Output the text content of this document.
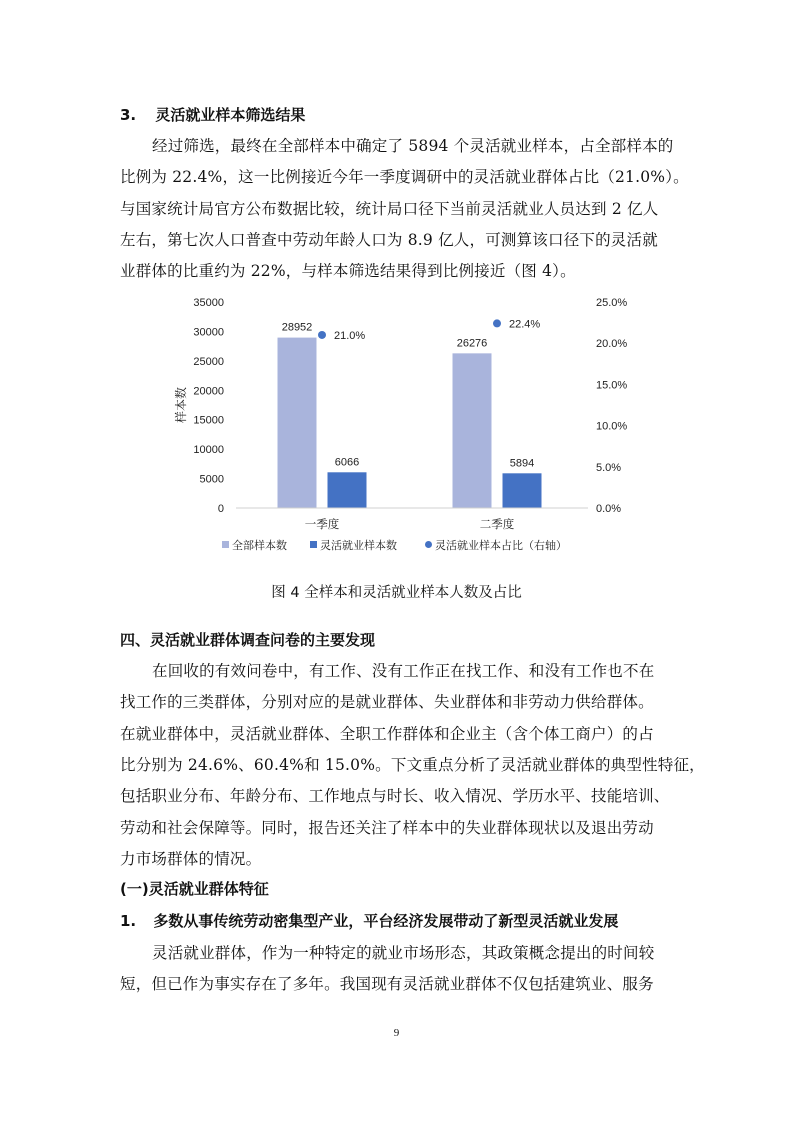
3. 灵活就业样本筛选结果
经过筛选，最终在全部样本中确定了 5894 个灵活就业样本，占全部样本的
比例为 22.4%，这一比例接近今年一季度调研中的灵活就业群体占比（21.0%）。
与国家统计局官方公布数据比较，统计局口径下当前灵活就业人员达到 2 亿人
左右，第七次人口普查中劳动年龄人口为 8.9 亿人，可测算该口径下的灵活就
业群体的比重约为 22%，与样本筛选结果得到比例接近（图 4）。
0
5000
10000
15000
20000
25000
30000
35000
0.0%
5.0%
10.0%
15.0%
20.0%
25.0%
28952
6066
21.0%
26276
5894
22.4%
一季度	二季度
全部样本数	灵活就业样本数	灵活就业样本占比（右轴）
样本数
图 4 全样本和灵活就业样本人数及占比
四、灵活就业群体调查问卷的主要发现
在回收的有效问卷中，有工作、没有工作正在找工作、和没有工作也不在
找工作的三类群体，分别对应的是就业群体、失业群体和非劳动力供给群体。
在就业群体中，灵活就业群体、全职工作群体和企业主（含个体工商户）的占
比分别为 24.6%、60.4%和 15.0%。下文重点分析了灵活就业群体的典型性特征，
包括职业分布、年龄分布、工作地点与时长、收入情况、学历水平、技能培训、
劳动和社会保障等。同时，报告还关注了样本中的失业群体现状以及退出劳动
力市场群体的情况。
(一)灵活就业群体特征
1. 多数从事传统劳动密集型产业，平台经济发展带动了新型灵活就业发展
灵活就业群体，作为一种特定的就业市场形态，其政策概念提出的时间较
短，但已作为事实存在了多年。我国现有灵活就业群体不仅包括建筑业、服务
9
